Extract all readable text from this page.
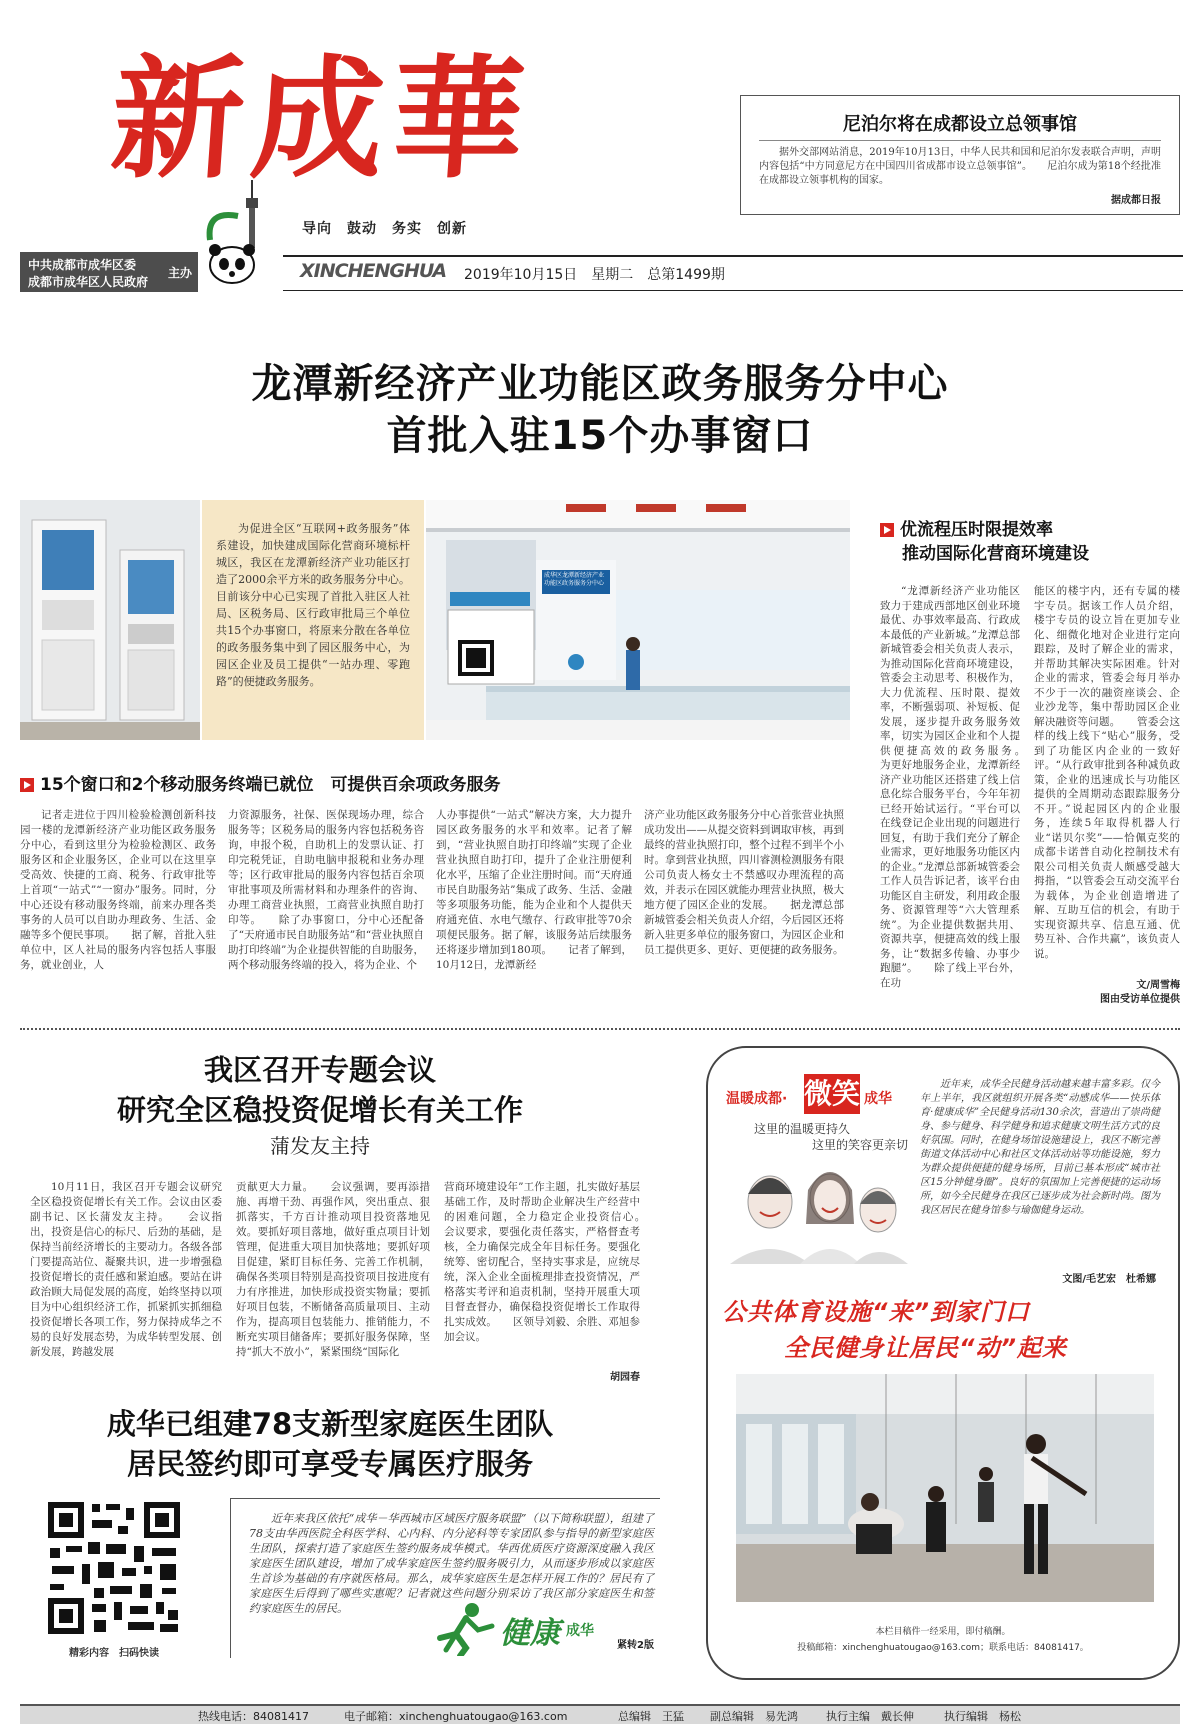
新
成
華
导向　鼓动　务实　创新
中共成都市成华区委
成都市成华区人民政府
主办	XINCHENGHUA 2019年10月15日　星期二　总第1499期
尼泊尔将在成都设立总领事馆
据外交部网站消息，2019年10月13日，中华人民共和国和尼泊尔发表联合声明，声明内容包括“中方同意尼方在中国四川省成都市设立总领事馆”。　　尼泊尔成为第18个经批准在成都设立领事机构的国家。
据成都日报
龙潭新经济产业功能区政务服务分中心
首批入驻15个办事窗口
为促进全区“互联网+政务服务”体系建设，加快建成国际化营商环境标杆城区，我区在龙潭新经济产业功能区打造了2000余平方米的政务服务分中心。目前该分中心已实现了首批入驻区人社局、区税务局、区行政审批局三个单位共15个办事窗口，将原来分散在各单位的政务服务集中到了园区服务中心，为园区企业及员工提供“一站办理、零跑路”的便捷政务服务。
成华区龙潭新经济产业功能区政务服务分中心
15个窗口和2个移动服务终端已就位　可提供百余项政务服务
记者走进位于四川检验检测创新科技园一楼的龙潭新经济产业功能区政务服务分中心，看到这里分为检验检测区、政务服务区和企业服务区，企业可以在这里享受高效、快捷的工商、税务、行政审批等上首项“一站式”“一窗办”服务。同时，分中心还设有移动服务终端，前来办理各类事务的人员可以自助办理政务、生活、金融等多个便民事项。　　据了解，首批入驻单位中，区人社局的服务内容包括人事服务，就业创业，人
力资源服务，社保、医保现场办理，综合服务等；区税务局的服务内容包括税务咨询，申报个税，自助机上的发票认证、打印完税凭证，自助电脑申报税和业务办理等；区行政审批局的服务内容包括百余项审批事项及所需材料和办理条件的咨询、办理工商营业执照，工商营业执照自助打印等。　　除了办事窗口，分中心还配备了“天府通市民自助服务站”和“营业执照自助打印终端”为企业提供智能的自助服务，两个移动服务终端的投入，将为企业、个
人办事提供“一站式”解决方案，大力提升园区政务服务的水平和效率。记者了解到，“营业执照自助打印终端”实现了企业营业执照自助打印，提升了企业注册便利化水平，压缩了企业注册时间。而“天府通市民自助服务站”集成了政务、生活、金融等多项服务功能，能为企业和个人提供天府通充值、水电气缴存、行政审批等70余项便民服务。据了解，该服务站后续服务还将逐步增加到180项。　　记者了解到，10月12日，龙潭新经
济产业功能区政务服务分中心首张营业执照成功发出——从提交资料到调取审核，再到最终的营业执照打印，整个过程不到半个小时。拿到营业执照，四川睿测检测服务有限公司负责人杨女士不禁感叹办理流程的高效，并表示在园区就能办理营业执照，极大地方便了园区企业的发展。　　据龙潭总部新城管委会相关负责人介绍，今后园区还将新入驻更多单位的服务窗口，为园区企业和员工提供更多、更好、更便捷的政务服务。
优流程压时限提效率
推动国际化营商环境建设
“龙潭新经济产业功能区致力于建成西部地区创业环境最优、办事效率最高、行政成本最低的产业新城。”龙潭总部新城管委会相关负责人表示，为推动国际化营商环境建设，管委会主动思考、积极作为，大力优流程、压时限、提效率，不断强弱项、补短板、促发展，逐步提升政务服务效率，切实为园区企业和个人提供便捷高效的政务服务。　　为更好地服务企业，龙潭新经济产业功能区还搭建了线上信息化综合服务平台，今年年初已经开始试运行。“平台可以在线登记企业出现的问题进行回复，有助于我们充分了解企业需求，更好地服务功能区内的企业。”龙潭总部新城管委会工作人员告诉记者，该平台由功能区自主研发，利用政企服务、资源管理等“六大管理系统”。为企业提供数据共用、资源共享，便捷高效的线上服务，让“数据多传输、办事少跑腿”。　　除了线上平台外，在功
能区的楼宇内，还有专属的楼宇专员。据该工作人员介绍，楼宇专员的设立旨在更加专业化、细微化地对企业进行定向跟踪，及时了解企业的需求，并帮助其解决实际困难。针对企业的需求，管委会每月举办不少于一次的融资座谈会、企业沙龙等，集中帮助园区企业解决融资等问题。　　管委会这样的线上线下“贴心”服务，受到了功能区内企业的一致好评。“从行政审批到各种减负政策，企业的迅速成长与功能区提供的全周期动态跟踪服务分不开。”说起园区内的企业服务，连续5年取得机器人行业“诺贝尔奖”——恰佩克奖的成都卡诺普自动化控制技术有限公司相关负责人颇感受越大拇指，“以管委会互动交流平台为载体，为企业创造增进了解、互助互信的机会，有助于实现资源共享、信息互通、优势互补、合作共赢”，该负责人说。
文/周雪梅
图由受访单位提供
我区召开专题会议
研究全区稳投资促增长有关工作
蒲发友主持
10月11日，我区召开专题会议研究全区稳投资促增长有关工作。会议由区委副书记、区长蒲发友主持。　　会议指出，投资是信心的标尺、后劲的基础，是保持当前经济增长的主要动力。各级各部门要提高站位、凝聚共识，进一步增强稳投资促增长的责任感和紧迫感。要站在讲政治顾大局促发展的高度，始终坚持以项目为中心组织经济工作，抓紧抓实抓细稳投资促增长各项工作，努力保持成华之不易的良好发展态势，为成华转型发展、创新发展，跨越发展
贡献更大力量。　　会议强调，要再添措施、再增干劲、再强作风，突出重点、狠抓落实，千方百计推动项目投资落地见效。要抓好项目落地，做好重点项目计划管理，促进重大项目加快落地；要抓好项目促建，紧盯目标任务、完善工作机制，确保各类项目特别是高投资项目按进度有力有序推进，加快形成投资实物量；要抓好项目包装，不断储备高质量项目、主动作为，提高项目包装能力、推销能力，不断充实项目储备库；要抓好服务保障，坚持“抓大不放小”，紧紧围绕“国际化
营商环境建设年”工作主题，扎实做好基层基础工作，及时帮助企业解决生产经营中的困难问题，全力稳定企业投资信心。　　会议要求，要强化责任落实，严格督查考核，全力确保完成全年目标任务。要强化统筹、密切配合，坚持实事求是，应统尽统，深入企业全面梳理排查投资情况，严格落实考评和追责机制，坚持开展重大项目督查督办，确保稳投资促增长工作取得扎实成效。　　区领导刘毅、余胜、邓旭参加会议。
胡园春
成华已组建78支新型家庭医生团队
居民签约即可享受专属医疗服务
精彩内容　扫码快读
近年来我区依托“成华－华西城市区域医疗服务联盟”（以下简称联盟），组建了78支由华西医院全科医学科、心内科、内分泌科等专家团队参与指导的新型家庭医生团队，探索打造了家庭医生签约服务成华模式。华西优质医疗资源深度融入我区家庭医生团队建设，增加了成华家庭医生签约服务吸引力，从而逐步形成以家庭医生首诊为基础的有序就医格局。那么，成华家庭医生是怎样开展工作的？居民有了家庭医生后得到了哪些实惠呢？记者就这些问题分别采访了我区部分家庭医生和签约家庭医生的居民。
紧转2版
健康 成华
温暖成都· 微笑 成华
这里的温暖更持久
这里的笑容更亲切
近年来，成华全民健身活动越来越丰富多彩。仅今年上半年，我区就组织开展各类“动感成华——快乐体育·健康成华”全民健身活动130余次，营造出了崇尚健身、参与健身、科学健身和追求健康文明生活方式的良好氛围。同时，在健身场馆设施建设上，我区不断完善街道文体活动中心和社区文体活动站等功能设施，努力为群众提供便捷的健身场所，目前已基本形成“城市社区15分钟健身圈”。良好的氛围加上完善便捷的运动场所，如今全民健身在我区已逐步成为社会新时尚。图为我区居民在健身馆参与瑜伽健身运动。
文图/毛艺宏　杜希娜
公共体育设施“来”到家门口
全民健身让居民“动”起来
本栏目稿件一经采用，即付稿酬。
投稿邮箱：xinchenghuatougao@163.com；联系电话：84081417。
热线电话：84081417	电子邮箱：xinchenghuatougao@163.com	总编辑　王猛 副总编辑　易先鸿	执行主编　戴长伸	执行编辑　杨松
